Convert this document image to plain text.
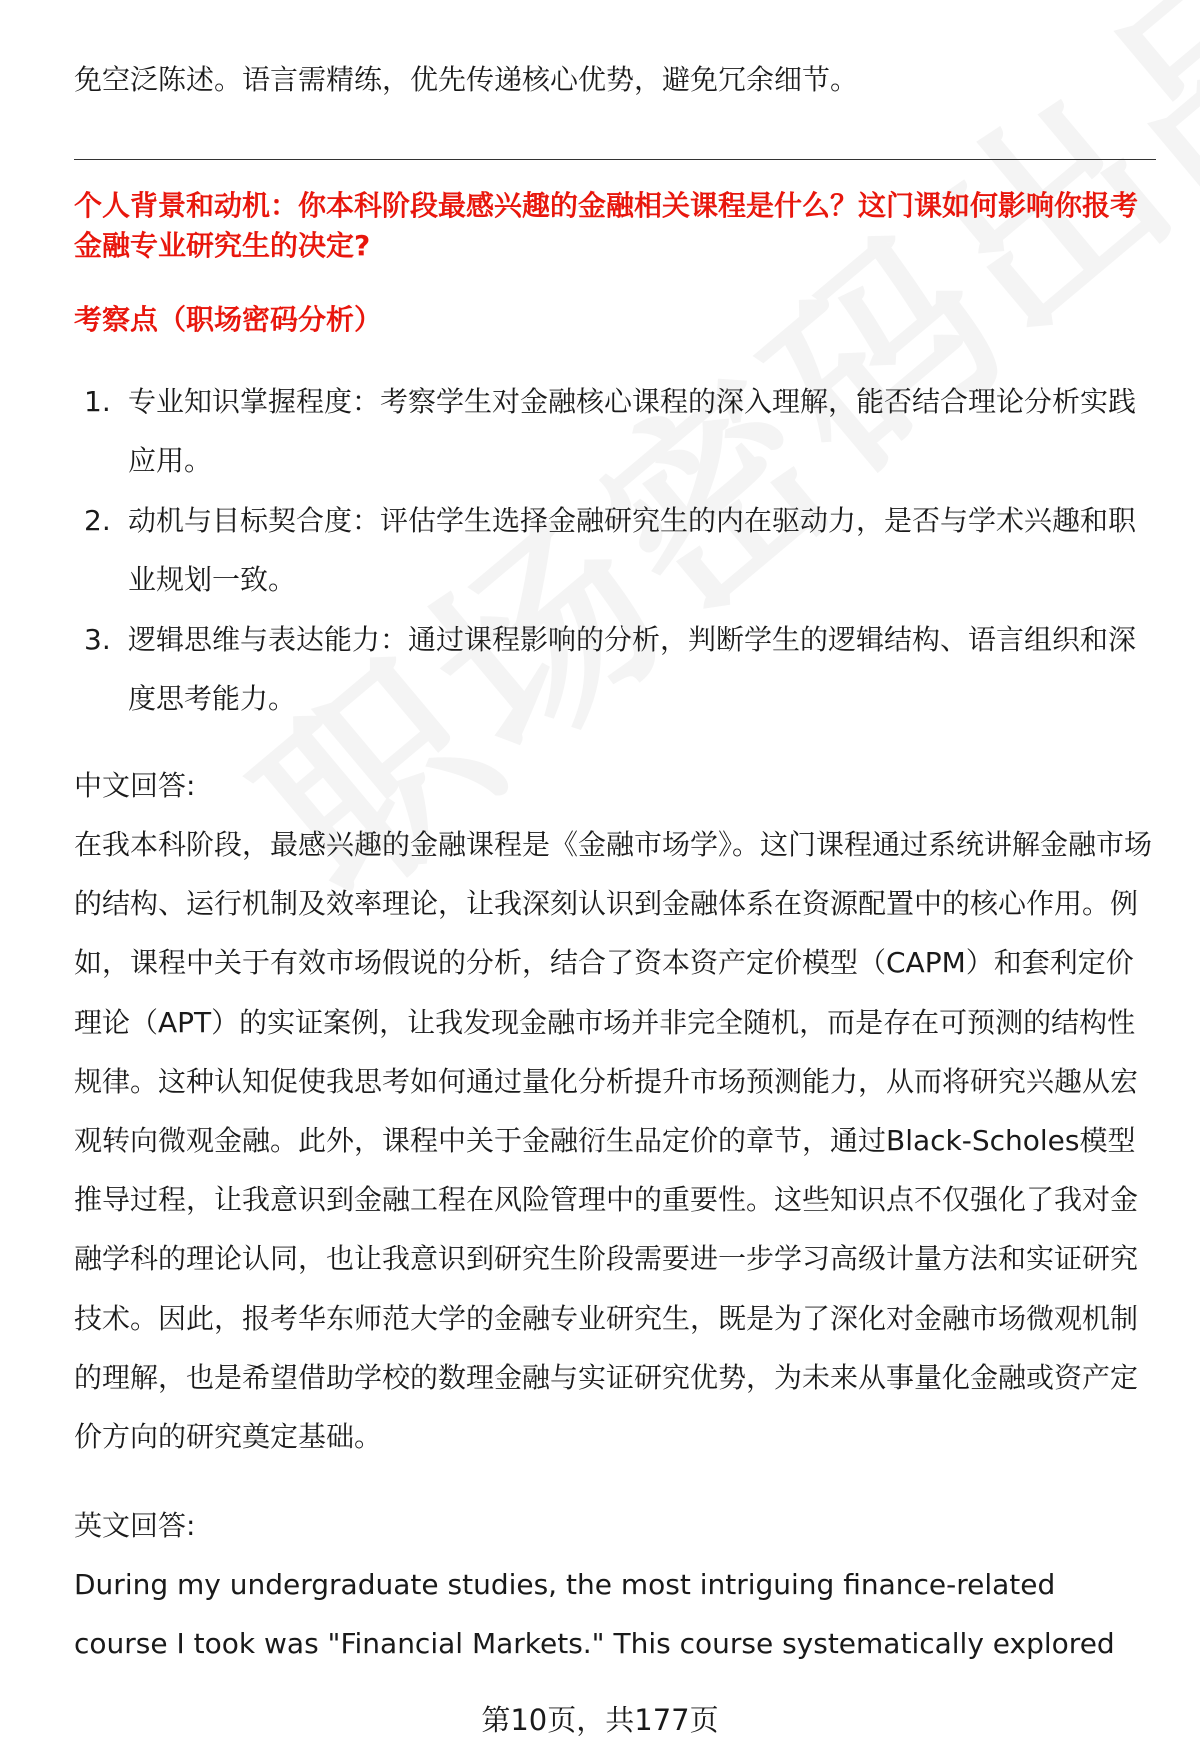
免空泛陈述。语言需精练，优先传递核心优势，避免冗余细节。
个人背景和动机：你本科阶段最感兴趣的金融相关课程是什么？这门课如何影响你报考金融专业研究生的决定?
考察点（职场密码分析）
1. 专业知识掌握程度：考察学生对金融核心课程的深入理解，能否结合理论分析实践应用。
2. 动机与目标契合度：评估学生选择金融研究生的内在驱动力，是否与学术兴趣和职业规划一致。
3. 逻辑思维与表达能力：通过课程影响的分析，判断学生的逻辑结构、语言组织和深度思考能力。
中文回答:
在我本科阶段，最感兴趣的金融课程是《金融市场学》。这门课程通过系统讲解金融市场的结构、运行机制及效率理论，让我深刻认识到金融体系在资源配置中的核心作用。例如，课程中关于有效市场假说的分析，结合了资本资产定价模型（CAPM）和套利定价理论（APT）的实证案例，让我发现金融市场并非完全随机，而是存在可预测的结构性规律。这种认知促使我思考如何通过量化分析提升市场预测能力，从而将研究兴趣从宏观转向微观金融。此外，课程中关于金融衍生品定价的章节，通过Black-Scholes模型推导过程，让我意识到金融工程在风险管理中的重要性。这些知识点不仅强化了我对金融学科的理论认同，也让我意识到研究生阶段需要进一步学习高级计量方法和实证研究技术。因此，报考华东师范大学的金融专业研究生，既是为了深化对金融市场微观机制的理解，也是希望借助学校的数理金融与实证研究优势，为未来从事量化金融或资产定价方向的研究奠定基础。
英文回答:
During my undergraduate studies, the most intriguing finance-related course I took was "Financial Markets." This course systematically explored
第10页，共177页
